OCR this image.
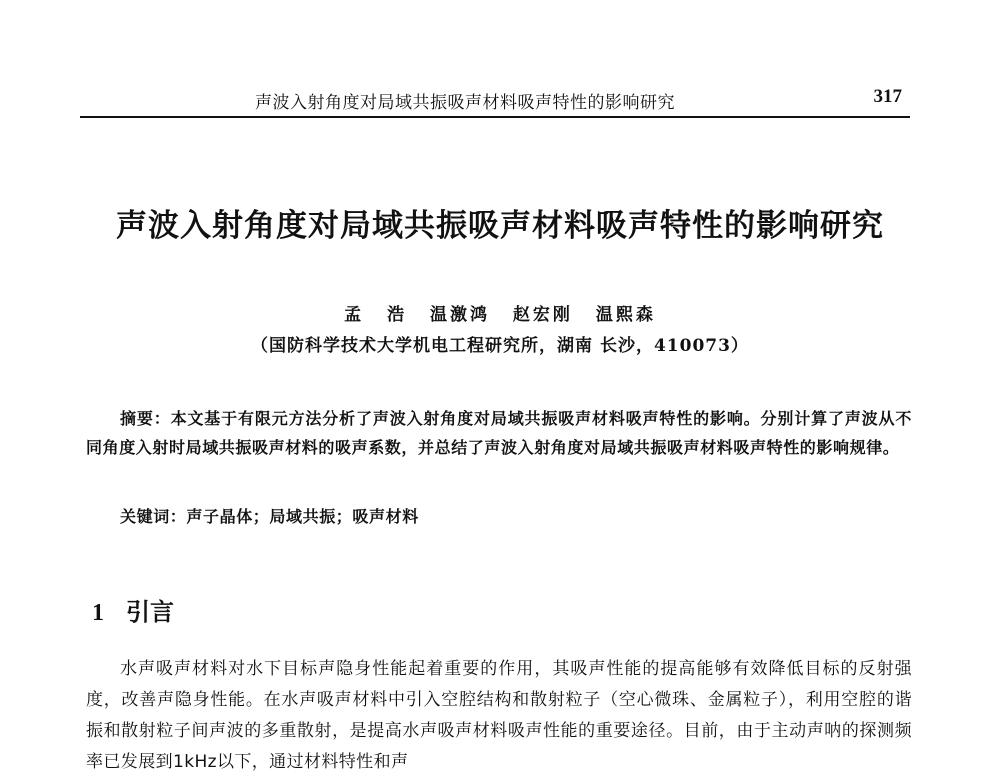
声波入射角度对局域共振吸声材料吸声特性的影响研究	317
声波入射角度对局域共振吸声材料吸声特性的影响研究
孟 浩 温激鸿 赵宏刚 温熙森
（国防科学技术大学机电工程研究所，湖南 长沙，410073）

摘要：本文基于有限元方法分析了声波入射角度对局域共振吸声材料吸声特性的影响。分别计算了声波从不同角度入射时局域共振吸声材料的吸声系数，并总结了声波入射角度对局域共振吸声材料吸声特性的影响规律。

关键词：声子晶体；局域共振；吸声材料
1 引言

水声吸声材料对水下目标声隐身性能起着重要的作用，其吸声性能的提高能够有效降低目标的反射强度，改善声隐身性能。在水声吸声材料中引入空腔结构和散射粒子（空心微珠、金属粒子），利用空腔的谐振和散射粒子间声波的多重散射，是提高水声吸声材料吸声性能的重要途径。目前，由于主动声呐的探测频率已发展到1kHz以下，通过材料特性和声
